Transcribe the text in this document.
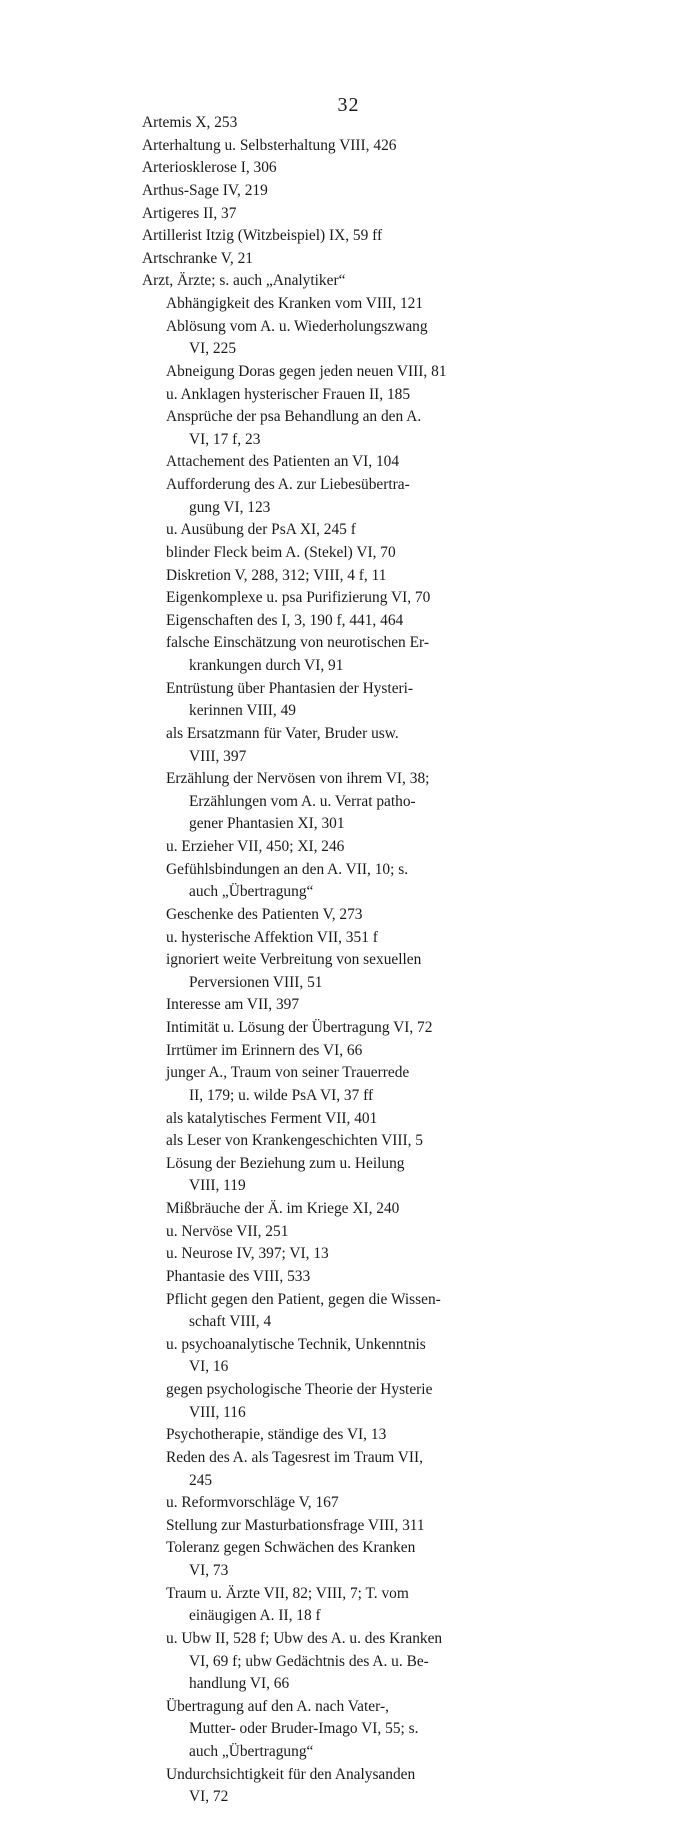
32
Artemis X, 253
Arterhaltung u. Selbsterhaltung VIII, 426
Arteriosklerose I, 306
Arthus-Sage IV, 219
Artigeres II, 37
Artillerist Itzig (Witzbeispiel) IX, 59 ff
Artschranke V, 21
Arzt, Ärzte; s. auch „Analytiker“
Abhängigkeit des Kranken vom VIII, 121
Ablösung vom A. u. Wiederholungszwang
VI, 225
Abneigung Doras gegen jeden neuen VIII, 81
u. Anklagen hysterischer Frauen II, 185
Ansprüche der psa Behandlung an den A.
VI, 17 f, 23
Attachement des Patienten an VI, 104
Aufforderung des A. zur Liebesübertra-
gung VI, 123
u. Ausübung der PsA XI, 245 f
blinder Fleck beim A. (Stekel) VI, 70
Diskretion V, 288, 312; VIII, 4 f, 11
Eigenkomplexe u. psa Purifizierung VI, 70
Eigenschaften des I, 3, 190 f, 441, 464
falsche Einschätzung von neurotischen Er-
krankungen durch VI, 91
Entrüstung über Phantasien der Hysteri-
kerinnen VIII, 49
als Ersatzmann für Vater, Bruder usw.
VIII, 397
Erzählung der Nervösen von ihrem VI, 38;
Erzählungen vom A. u. Verrat patho-
gener Phantasien XI, 301
u. Erzieher VII, 450; XI, 246
Gefühlsbindungen an den A. VII, 10; s.
auch „Übertragung“
Geschenke des Patienten V, 273
u. hysterische Affektion VII, 351 f
ignoriert weite Verbreitung von sexuellen
Perversionen VIII, 51
Interesse am VII, 397
Intimität u. Lösung der Übertragung VI, 72
Irrtümer im Erinnern des VI, 66
junger A., Traum von seiner Trauerrede
II, 179; u. wilde PsA VI, 37 ff
als katalytisches Ferment VII, 401
als Leser von Krankengeschichten VIII, 5
Lösung der Beziehung zum u. Heilung
VIII, 119
Mißbräuche der Ä. im Kriege XI, 240
u. Nervöse VII, 251
u. Neurose IV, 397; VI, 13
Phantasie des VIII, 533
Pflicht gegen den Patient, gegen die Wissen-
schaft VIII, 4
u. psychoanalytische Technik, Unkenntnis
VI, 16
gegen psychologische Theorie der Hysterie
VIII, 116
Psychotherapie, ständige des VI, 13
Reden des A. als Tagesrest im Traum VII,
245
u. Reformvorschläge V, 167
Stellung zur Masturbationsfrage VIII, 311
Toleranz gegen Schwächen des Kranken
VI, 73
Traum u. Ärzte VII, 82; VIII, 7; T. vom
einäugigen A. II, 18 f
u. Ubw II, 528 f; Ubw des A. u. des Kranken
VI, 69 f; ubw Gedächtnis des A. u. Be-
handlung VI, 66
Übertragung auf den A. nach Vater-,
Mutter- oder Bruder-Imago VI, 55; s.
auch „Übertragung“
Undurchsichtigkeit für den Analysanden
VI, 72
